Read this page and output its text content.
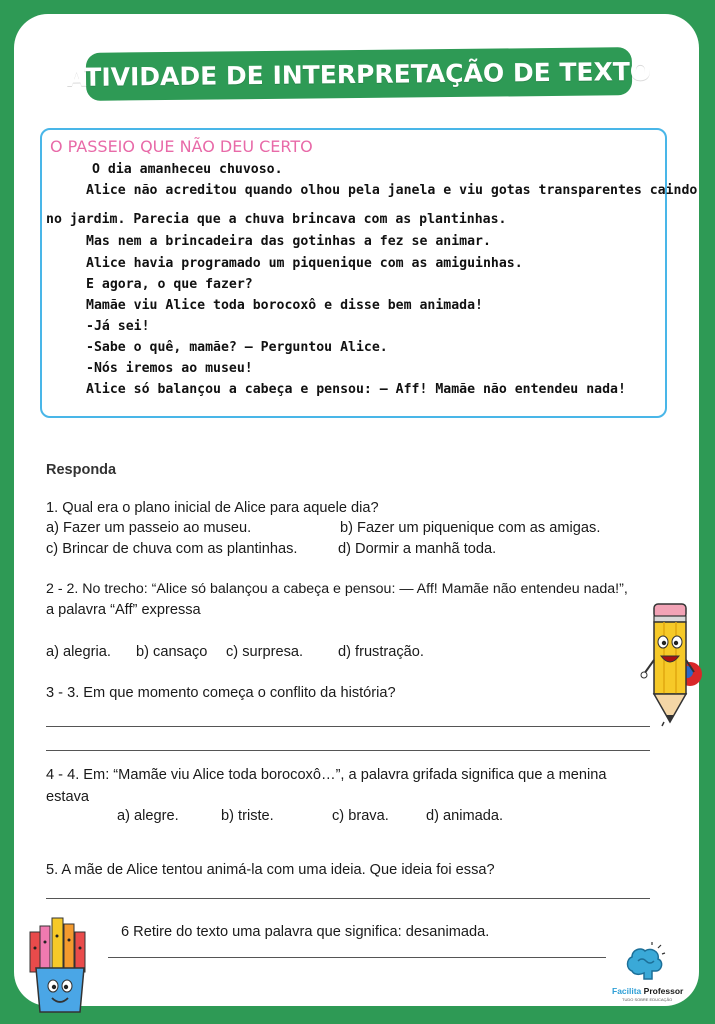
ATIVIDADE DE INTERPRETAÇÃO DE TEXTO
O PASSEIO QUE NÃO DEU CERTO
O dia amanheceu chuvoso.
Alice não acreditou quando olhou pela janela e viu gotas transparentes caindo
no jardim. Parecia que a chuva brincava com as plantinhas.
Mas nem a brincadeira das gotinhas a fez se animar.
Alice havia programado um piquenique com as amiguinhas.
E agora, o que fazer?
Mamãe viu Alice toda borocoxô e disse bem animada!
-Já sei!
-Sabe o quê, mamãe? – Perguntou Alice.
-Nós iremos ao museu!
Alice só balançou a cabeça e pensou: – Aff! Mamãe não entendeu nada!
Responda
1. Qual era o plano inicial de Alice para aquele dia?
a) Fazer um passeio ao museu.	b) Fazer um piquenique com as amigas.
c) Brincar de chuva com as plantinhas.	d) Dormir a manhã toda.
2 - 2. No trecho: “Alice só balançou a cabeça e pensou: — Aff! Mamãe não entendeu nada!”,
a palavra “Aff” expressa
a) alegria. b) cansaço c) surpresa. d) frustração.
3 - 3. Em que momento começa o conflito da história?
4 - 4. Em: “Mamãe viu Alice toda borocoxô…”, a palavra grifada significa que a menina
estava
a) alegre.	b) triste.	c) brava.	d) animada.
5. A mãe de Alice tentou animá-la com uma ideia. Que ideia foi essa?
6 Retire do texto uma palavra que significa: desanimada.
Facilita Professor
TUDO SOBRE EDUCAÇÃO
